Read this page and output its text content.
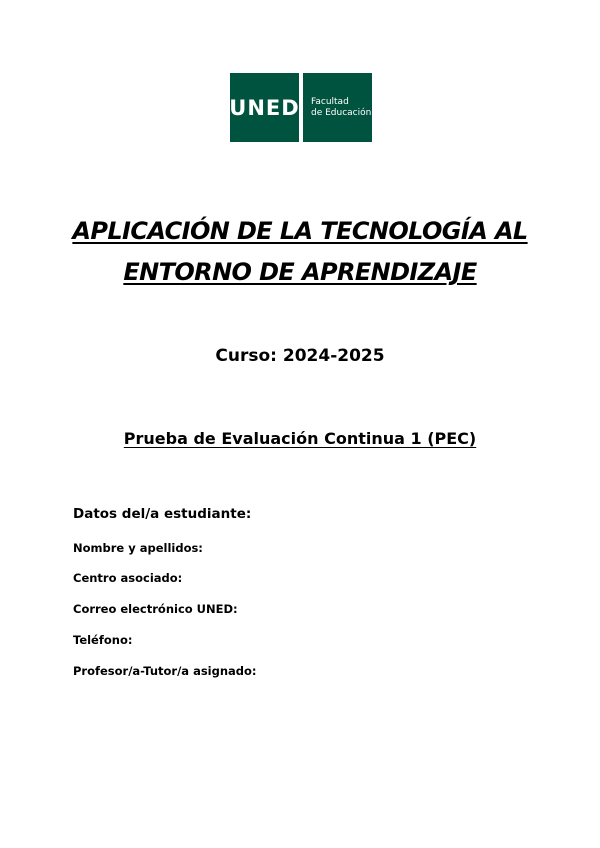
UNED Facultad
de Educación
APLICACIÓN DE LA TECNOLOGÍA AL
ENTORNO DE APRENDIZAJE
Curso: 2024-2025
Prueba de Evaluación Continua 1 (PEC)
Datos del/a estudiante:
Nombre y apellidos:
Centro asociado:
Correo electrónico UNED:
Teléfono:
Profesor/a-Tutor/a asignado:
